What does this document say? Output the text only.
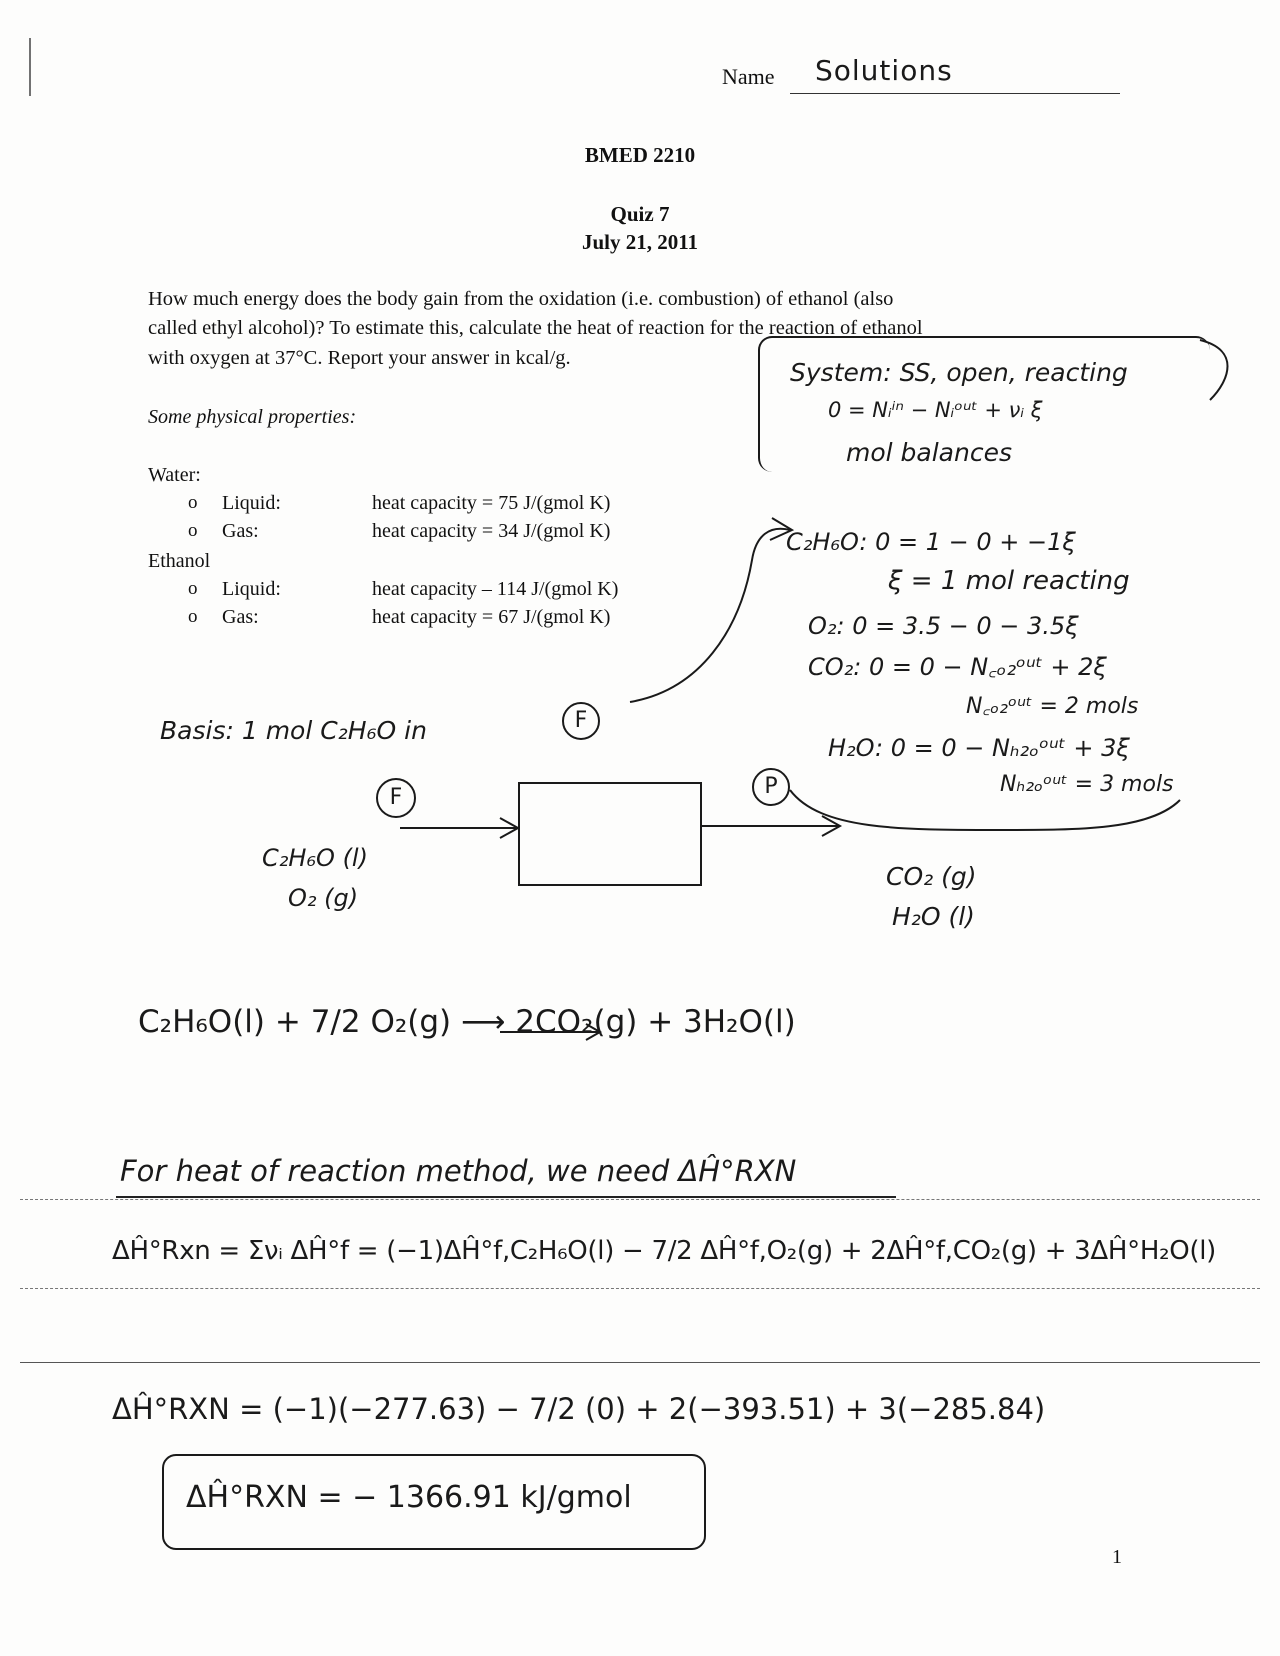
Name Solutions
BMED 2210
Quiz 7
July 21, 2011
How much energy does the body gain from the oxidation (i.e. combustion) of ethanol (also
called ethyl alcohol)? To estimate this, calculate the heat of reaction for the reaction of ethanol
with oxygen at 37°C. Report your answer in kcal/g.
Some physical properties:
Water:
o Liquid:	heat capacity = 75 J/(gmol K)
o Gas:	heat capacity = 34 J/(gmol K)
Ethanol
o Liquid:	heat capacity – 114 J/(gmol K)
o Gas:	heat capacity = 67 J/(gmol K)
System: SS, open, reacting
0 = Nᵢⁱⁿ − Nᵢᵒᵘᵗ + νᵢ ξ
mol balances
C₂H₆O: 0 = 1 − 0 + −1ξ
ξ = 1 mol reacting
O₂: 0 = 3.5 − 0 − 3.5ξ
CO₂: 0 = 0 − N꜀ₒ₂ᵒᵘᵗ + 2ξ
N꜀ₒ₂ᵒᵘᵗ = 2 mols
H₂O: 0 = 0 − Nₕ₂ₒᵒᵘᵗ + 3ξ
Nₕ₂ₒᵒᵘᵗ = 3 mols
Basis: 1 mol C₂H₆O in	F
F	P
C₂H₆O (l)
O₂ (g)
CO₂ (g)
H₂O (l)
C₂H₆O(l) + 7/2 O₂(g) ⟶ 2CO₂(g) + 3H₂O(l)
For heat of reaction method, we need ΔĤ°RXN
ΔĤ°Rxn = Σνᵢ ΔĤ°f = (−1)ΔĤ°f,C₂H₆O(l) − 7/2 ΔĤ°f,O₂(g) + 2ΔĤ°f,CO₂(g) + 3ΔĤ°H₂O(l)
ΔĤ°RXN = (−1)(−277.63) − 7/2 (0) + 2(−393.51) + 3(−285.84)
ΔĤ°RXN = − 1366.91 kJ/gmol
1
